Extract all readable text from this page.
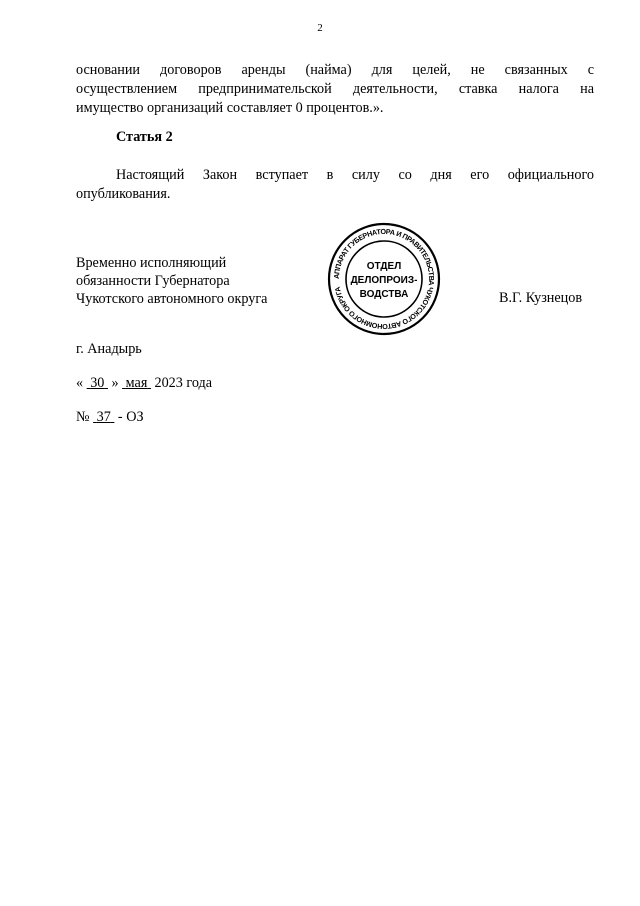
2
основании договоров аренды (найма) для целей, не связанных с
осуществлением предпринимательской деятельности, ставка налога на
имущество организаций составляет 0 процентов.».
Статья 2
Настоящий Закон вступает в силу со дня его официального
опубликования.
Временно исполняющий
обязанности Губернатора
Чукотского автономного округа
АППАРАТ ГУБЕРНАТОРА И ПРАВИТЕЛЬСТВА ЧУКОТСКОГО АВТОНОМНОГО ОКРУГА
ОТДЕЛ
ДЕЛОПРОИЗ-
ВОДСТВА	В.Г. Кузнецов
г. Анадырь
« 30 » мая 2023 года
№ 37 - ОЗ
